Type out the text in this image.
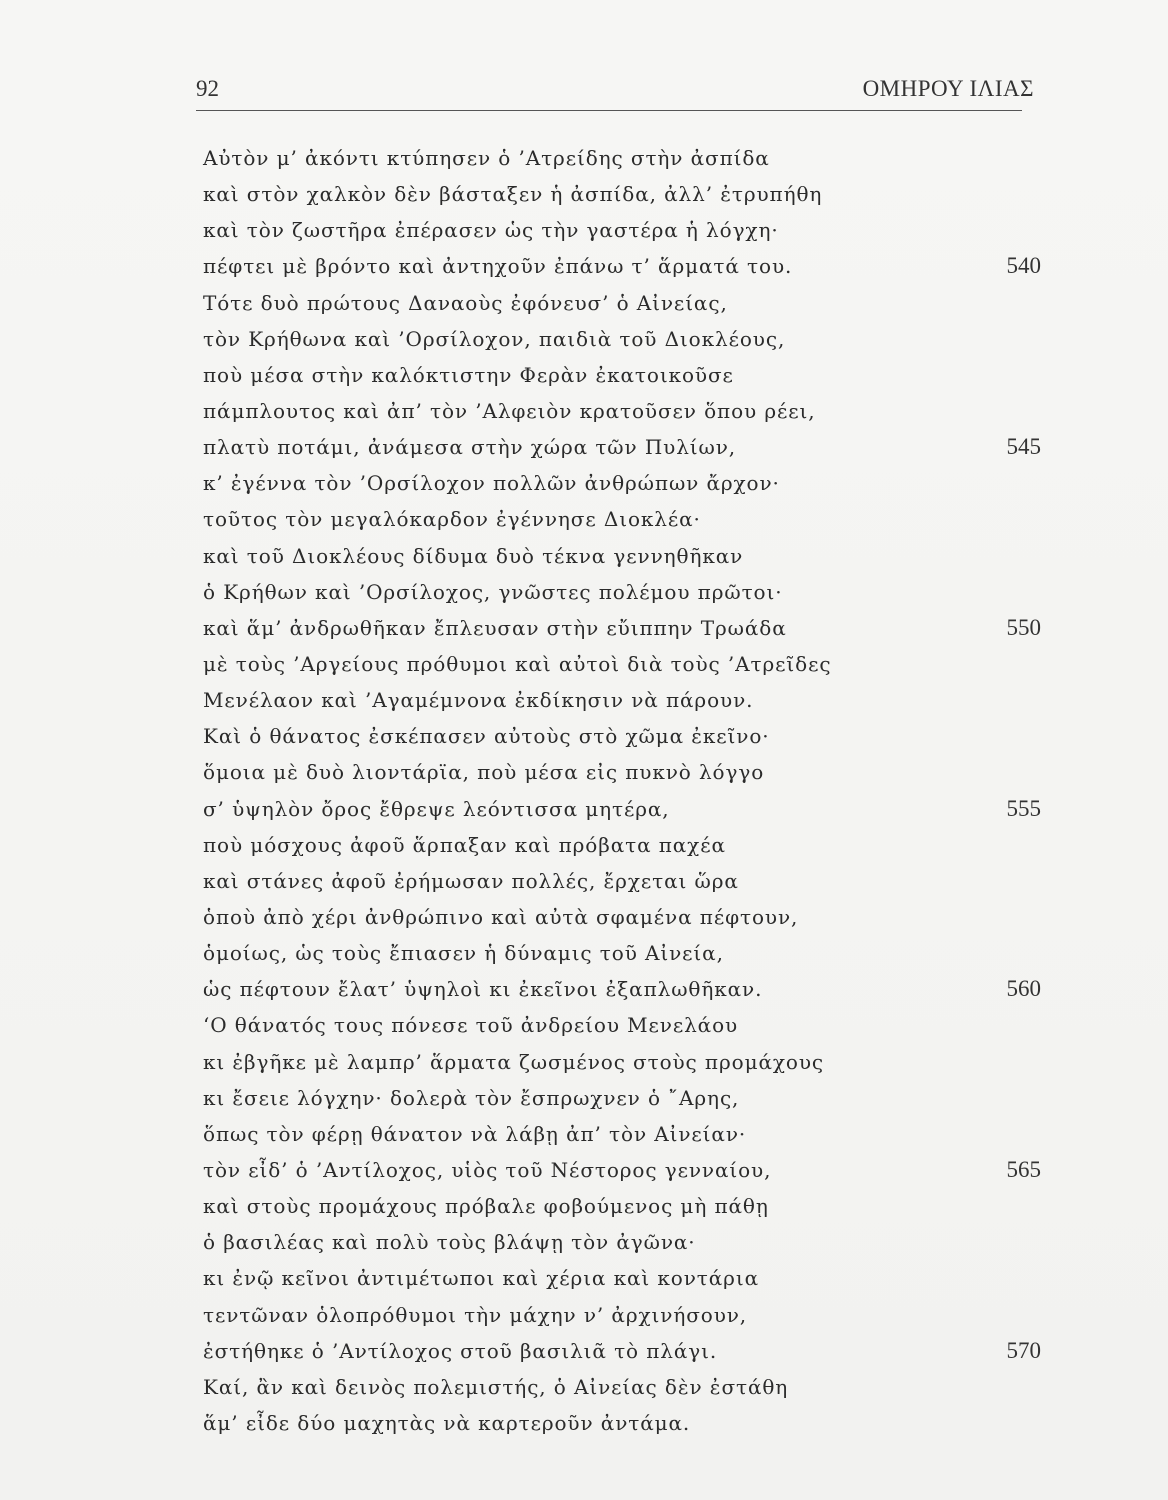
92	ΟΜΗΡΟΥ ΙΛΙΑΣ
Αὐτὸν μ’ ἀκόντι κτύπησεν ὁ ’Ατρείδης στὴν ἀσπίδα
καὶ στὸν χαλκὸν δὲν βάσταξεν ἡ ἀσπίδα, ἀλλ’ ἐτρυπήθη
καὶ τὸν ζωστῆρα ἐπέρασεν ὡς τὴν γαστέρα ἡ λόγχη·
πέφτει μὲ βρόντο καὶ ἀντηχοῦν ἐπάνω τ’ ἅρματά του.	540
Τότε δυὸ πρώτους Δαναοὺς ἐφόνευσ’ ὁ Αἰνείας,
τὸν Κρήθωνα καὶ ’Ορσίλοχον, παιδιὰ τοῦ Διοκλέους,
ποὺ μέσα στὴν καλόκτιστην Φερὰν ἐκατοικοῦσε
πάμπλουτος καὶ ἀπ’ τὸν ’Αλφειὸν κρατοῦσεν ὅπου ρέει,
πλατὺ ποτάμι, ἀνάμεσα στὴν χώρα τῶν Πυλίων,	545
κ’ ἐγέννα τὸν ’Ορσίλοχον πολλῶν ἀνθρώπων ἄρχον·
τοῦτος τὸν μεγαλόκαρδον ἐγέννησε Διοκλέα·
καὶ τοῦ Διοκλέους δίδυμα δυὸ τέκνα γεννηθῆκαν
ὁ Κρήθων καὶ ’Ορσίλοχος, γνῶστες πολέμου πρῶτοι·
καὶ ἅμ’ ἀνδρωθῆκαν ἔπλευσαν στὴν εὔιππην Τρωάδα	550
μὲ τοὺς ’Αργείους πρόθυμοι καὶ αὐτοὶ διὰ τοὺς ’Ατρεῖδες
Μενέλαον καὶ ’Αγαμέμνονα ἐκδίκησιν νὰ πάρουν.
Καὶ ὁ θάνατος ἐσκέπασεν αὐτοὺς στὸ χῶμα ἐκεῖνο·
ὅμοια μὲ δυὸ λιοντάρϊα, ποὺ μέσα εἰς πυκνὸ λόγγο
σ’ ὑψηλὸν ὄρος ἔθρεψε λεόντισσα μητέρα,	555
ποὺ μόσχους ἀφοῦ ἅρπαξαν καὶ πρόβατα παχέα
καὶ στάνες ἀφοῦ ἐρήμωσαν πολλές, ἔρχεται ὥρα
ὁποὺ ἀπὸ χέρι ἀνθρώπινο καὶ αὐτὰ σφαμένα πέφτουν,
ὁμοίως, ὡς τοὺς ἔπιασεν ἡ δύναμις τοῦ Αἰνεία,
ὡς πέφτουν ἔλατ’ ὑψηλοὶ κι ἐκεῖνοι ἐξαπλωθῆκαν.	560
‘Ο θάνατός τους πόνεσε τοῦ ἀνδρείου Μενελάου
κι ἐβγῆκε μὲ λαμπρ’ ἅρματα ζωσμένος στοὺς προμάχους
κι ἔσειε λόγχην· δολερὰ τὸν ἔσπρωχνεν ὁ ῎Αρης,
ὅπως τὸν φέρῃ θάνατον νὰ λάβῃ ἀπ’ τὸν Αἰνείαν·
τὸν εἶδ’ ὁ ’Αντίλοχος, υἱὸς τοῦ Νέστορος γενναίου,	565
καὶ στοὺς προμάχους πρόβαλε φοβούμενος μὴ πάθῃ
ὁ βασιλέας καὶ πολὺ τοὺς βλάψῃ τὸν ἀγῶνα·
κι ἐνῷ κεῖνοι ἀντιμέτωποι καὶ χέρια καὶ κοντάρια
τεντῶναν ὁλοπρόθυμοι τὴν μάχην ν’ ἀρχινήσουν,
ἐστήθηκε ὁ ’Αντίλοχος στοῦ βασιλιᾶ τὸ πλάγι.	570
Καί, ἂν καὶ δεινὸς πολεμιστής, ὁ Αἰνείας δὲν ἐστάθη
ἅμ’ εἶδε δύο μαχητὰς νὰ καρτεροῦν ἀντάμα.
